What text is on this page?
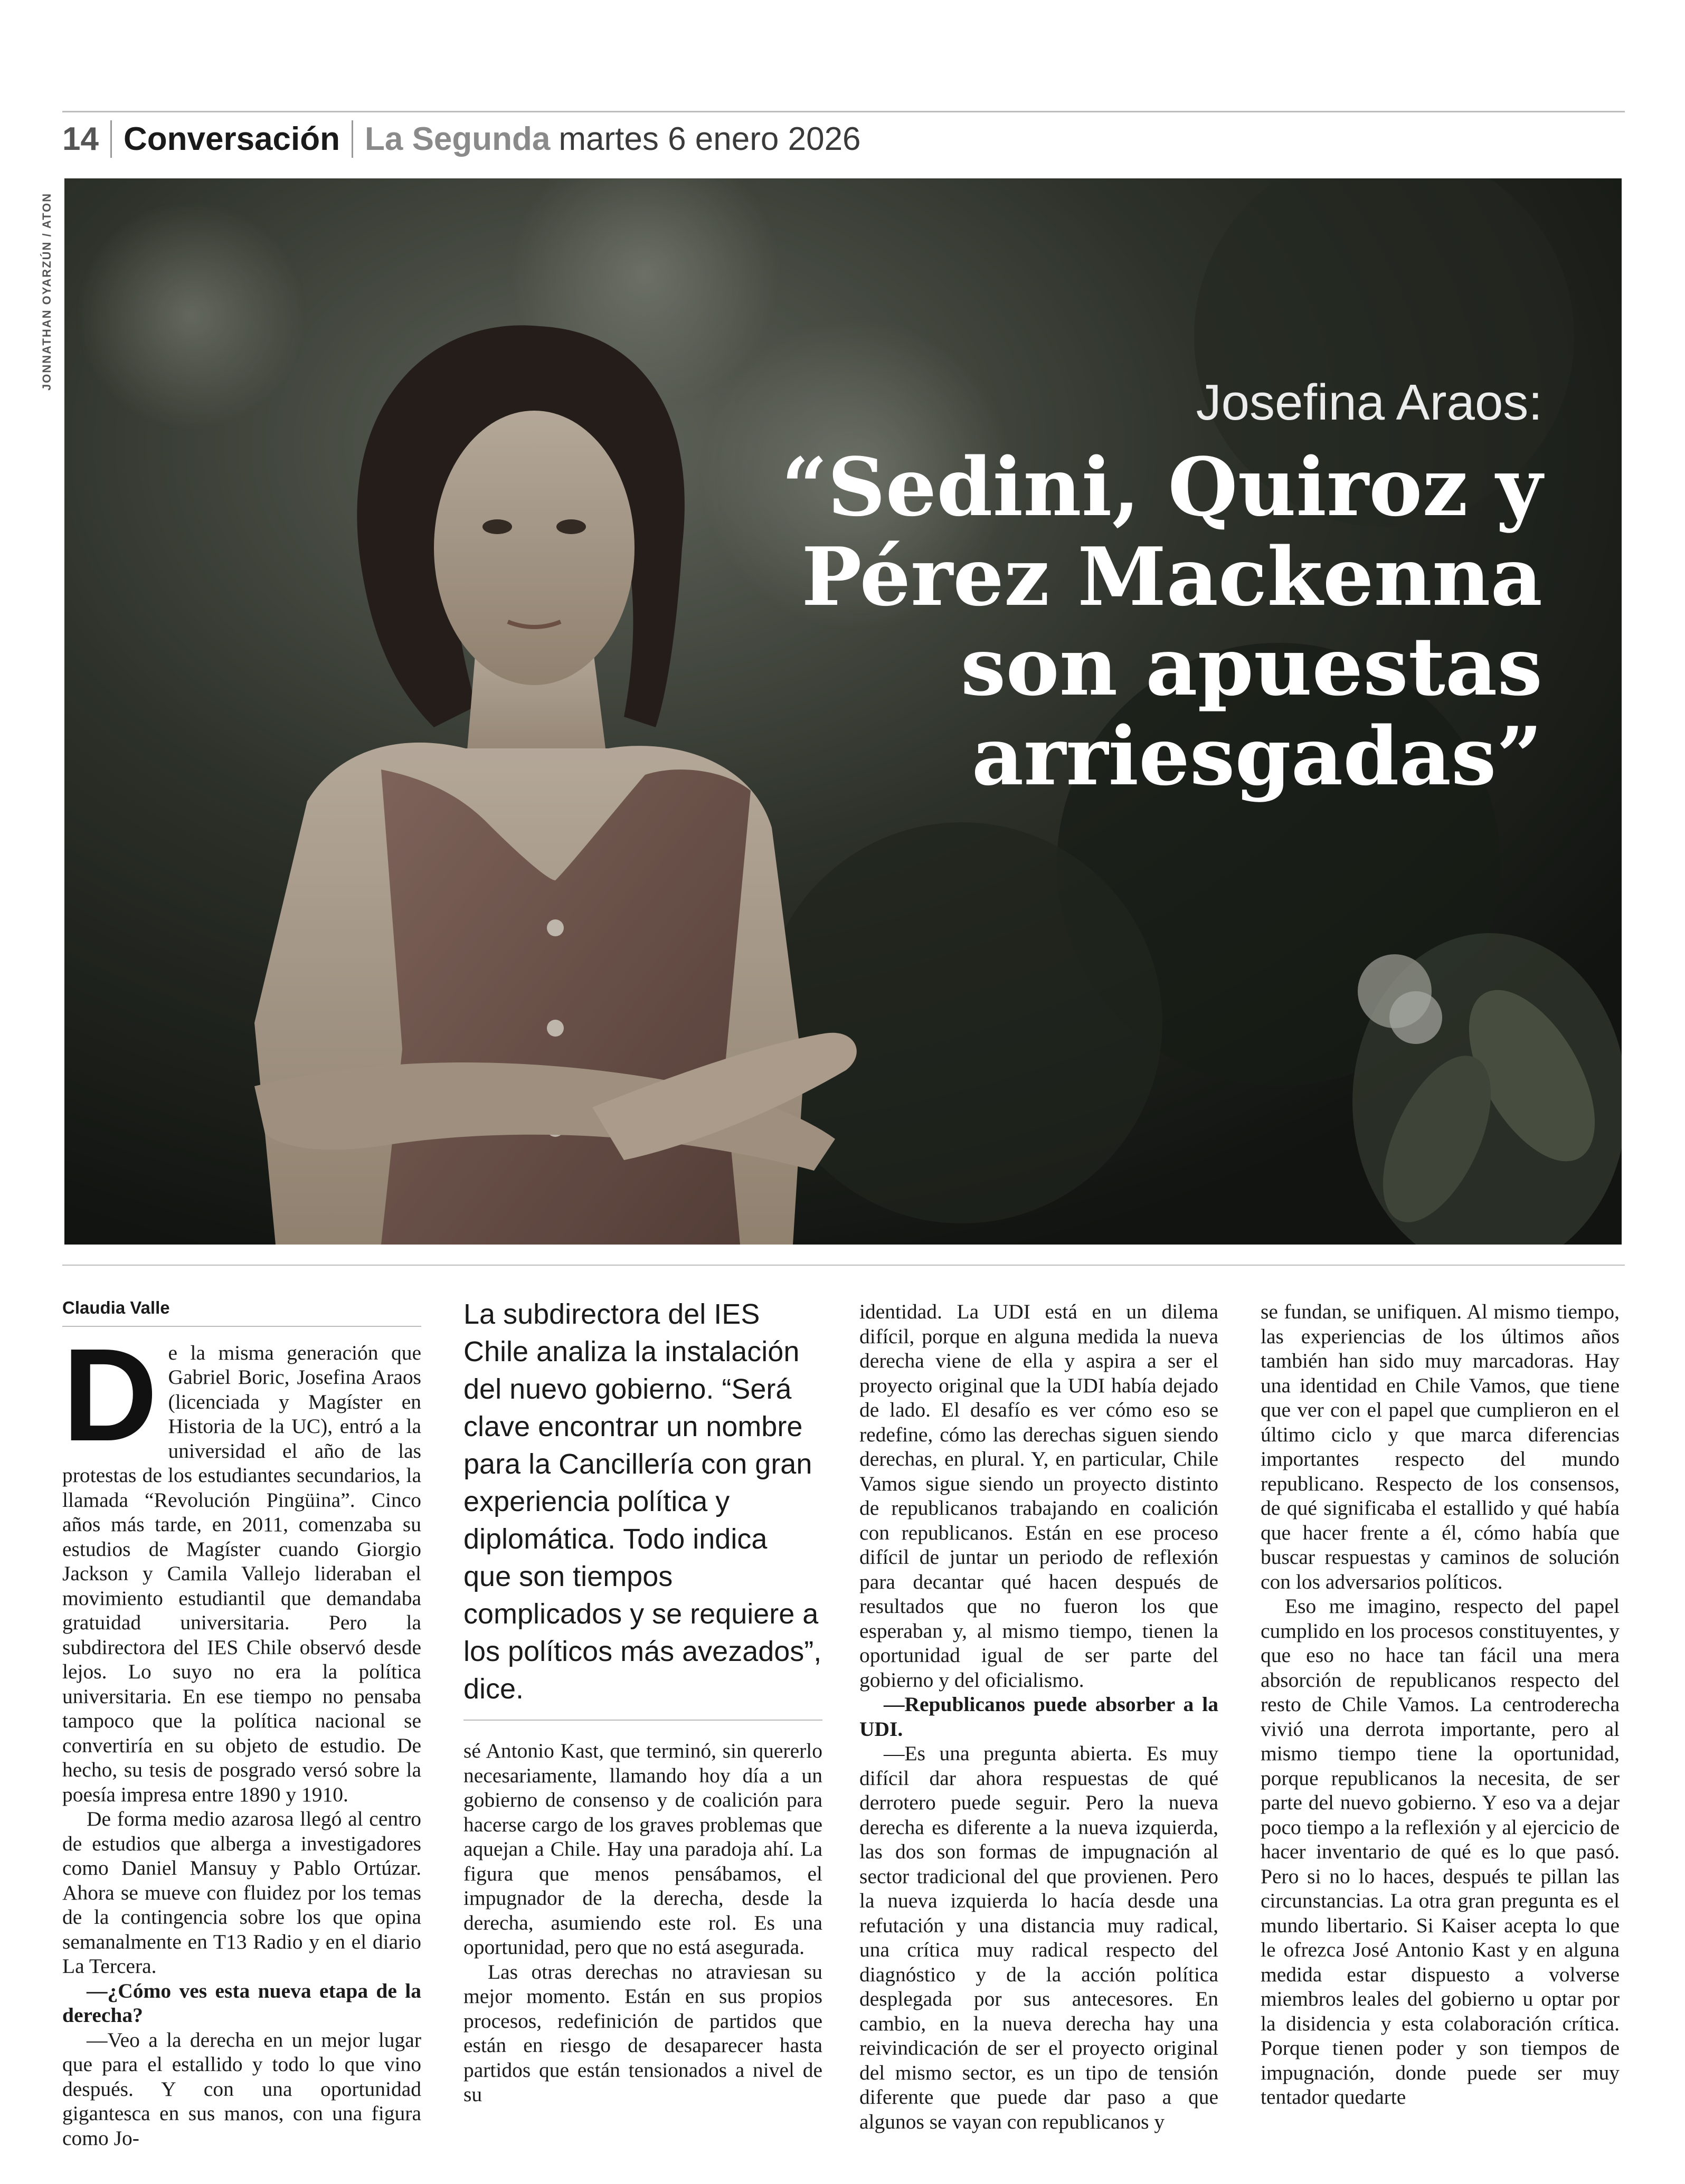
14 Conversación La Segunda martes 6 enero 2026
JONNATHAN OYARZÚN / ATON
Josefina Araos:
“Sedini, Quiroz y
Pérez Mackenna
son apuestas
arriesgadas”
Claudia Valle

De la misma generación que Gabriel Boric, Josefina Araos (licenciada y Magíster en Historia de la UC), entró a la universidad el año de las protestas de los estudiantes secundarios, la llamada “Revolución Pingüina”. Cinco años más tarde, en 2011, comenzaba su estudios de Magíster cuando Giorgio Jackson y Camila Vallejo lideraban el movimiento estudiantil que demandaba gratuidad universitaria. Pero la subdirectora del IES Chile observó desde lejos. Lo suyo no era la política universitaria. En ese tiempo no pensaba tampoco que la política nacional se convertiría en su objeto de estudio. De hecho, su tesis de posgrado versó sobre la poesía impresa entre 1890 y 1910.

De forma medio azarosa llegó al centro de estudios que alberga a investigadores como Daniel Mansuy y Pablo Ortúzar. Ahora se mueve con fluidez por los temas de la contingencia sobre los que opina semanalmente en T13 Radio y en el diario La Tercera.

—¿Cómo ves esta nueva etapa de la derecha?

—Veo a la derecha en un mejor lugar que para el estallido y todo lo que vino después. Y con una oportunidad gigantesca en sus manos, con una figura como Jo-

La subdirectora del IES Chile analiza la instalación del nuevo gobierno. “Será clave encontrar un nombre para la Cancillería con gran experiencia política y diplomática. Todo indica que son tiempos complicados y se requiere a los políticos más avezados”, dice.

sé Antonio Kast, que terminó, sin quererlo necesariamente, llamando hoy día a un gobierno de consenso y de coalición para hacerse cargo de los graves problemas que aquejan a Chile. Hay una paradoja ahí. La figura que menos pensábamos, el impugnador de la derecha, desde la derecha, asumiendo este rol. Es una oportunidad, pero que no está asegurada.

Las otras derechas no atraviesan su mejor momento. Están en sus propios procesos, redefinición de partidos que están en riesgo de desaparecer hasta partidos que están tensionados a nivel de su

identidad. La UDI está en un dilema difícil, porque en alguna medida la nueva derecha viene de ella y aspira a ser el proyecto original que la UDI había dejado de lado. El desafío es ver cómo eso se redefine, cómo las derechas siguen siendo derechas, en plural. Y, en particular, Chile Vamos sigue siendo un proyecto distinto de republicanos trabajando en coalición con republicanos. Están en ese proceso difícil de juntar un periodo de reflexión para decantar qué hacen después de resultados que no fueron los que esperaban y, al mismo tiempo, tienen la oportunidad igual de ser parte del gobierno y del oficialismo.

—Republicanos puede absorber a la UDI.

—Es una pregunta abierta. Es muy difícil dar ahora respuestas de qué derrotero puede seguir. Pero la nueva derecha es diferente a la nueva izquierda, las dos son formas de impugnación al sector tradicional del que provienen. Pero la nueva izquierda lo hacía desde una refutación y una distancia muy radical, una crítica muy radical respecto del diagnóstico y de la acción política desplegada por sus antecesores. En cambio, en la nueva derecha hay una reivindicación de ser el proyecto original del mismo sector, es un tipo de tensión diferente que puede dar paso a que algunos se vayan con republicanos y

se fundan, se unifiquen. Al mismo tiempo, las experiencias de los últimos años también han sido muy marcadoras. Hay una identidad en Chile Vamos, que tiene que ver con el papel que cumplieron en el último ciclo y que marca diferencias importantes respecto del mundo republicano. Respecto de los consensos, de qué significaba el estallido y qué había que hacer frente a él, cómo había que buscar respuestas y caminos de solución con los adversarios políticos.

Eso me imagino, respecto del papel cumplido en los procesos constituyentes, y que eso no hace tan fácil una mera absorción de republicanos respecto del resto de Chile Vamos. La centroderecha vivió una derrota importante, pero al mismo tiempo tiene la oportunidad, porque republicanos la necesita, de ser parte del nuevo gobierno. Y eso va a dejar poco tiempo a la reflexión y al ejercicio de hacer inventario de qué es lo que pasó. Pero si no lo haces, después te pillan las circunstancias. La otra gran pregunta es el mundo libertario. Si Kaiser acepta lo que le ofrezca José Antonio Kast y en alguna medida estar dispuesto a volverse miembros leales del gobierno u optar por la disidencia y esta colaboración crítica. Porque tienen poder y son tiempos de impugnación, donde puede ser muy tentador quedarte
